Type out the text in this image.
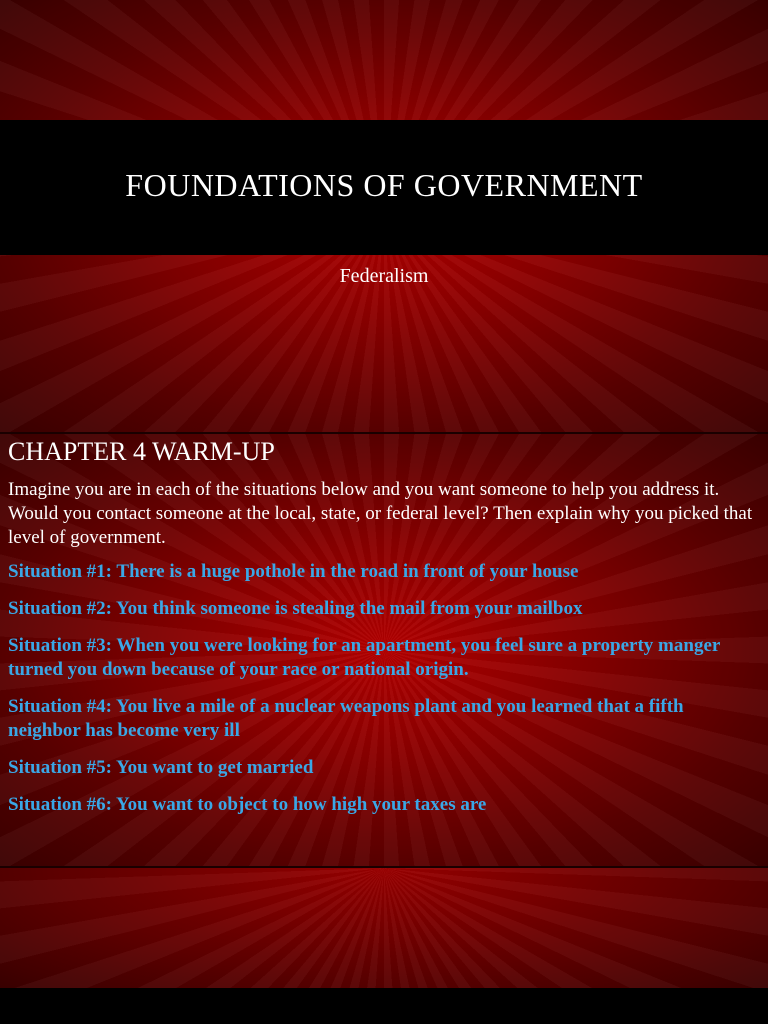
FOUNDATIONS OF GOVERNMENT
Federalism
CHAPTER 4 WARM-UP
Imagine you are in each of the situations below and you want someone to help you address it. Would you contact someone at the local, state, or federal level? Then explain why you picked that level of government.
Situation #1: There is a huge pothole in the road in front of your house
Situation #2: You think someone is stealing the mail from your mailbox
Situation #3: When you were looking for an apartment, you feel sure a property manger turned you down because of your race or national origin.
Situation #4: You live a mile of a nuclear weapons plant and you learned that a fifth neighbor has become very ill
Situation #5: You want to get married
Situation #6: You want to object to how high your taxes are
